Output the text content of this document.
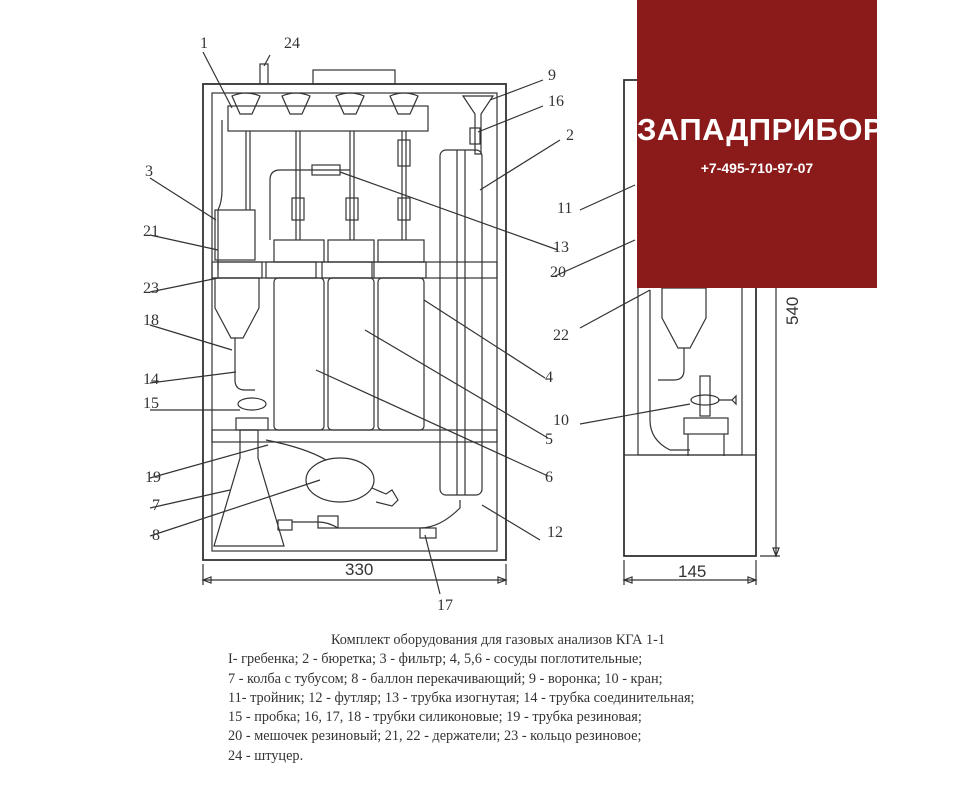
1	24
9
16
2
3
21
13
20
11
23
18
22
4
14
15
10
5
19	6
7
8	12
17
330	145
540
ЗАПАДПРИБОР
+7-495-710-97-07
Комплект оборудования для газовых анализов КГА 1-1
I- гребенка; 2 - бюретка; 3 - фильтр; 4, 5,6 - сосуды поглотительные;
7 - колба с тубусом; 8 - баллон перекачивающий; 9 - воронка; 10 - кран;
11- тройник; 12 - футляр; 13 - трубка изогнутая; 14 - трубка соединительная;
15 - пробка; 16, 17, 18 - трубки силиконовые; 19 - трубка резиновая;
20 - мешочек резиновый; 21, 22 - держатели; 23 - кольцо резиновое;
24 - штуцер.
